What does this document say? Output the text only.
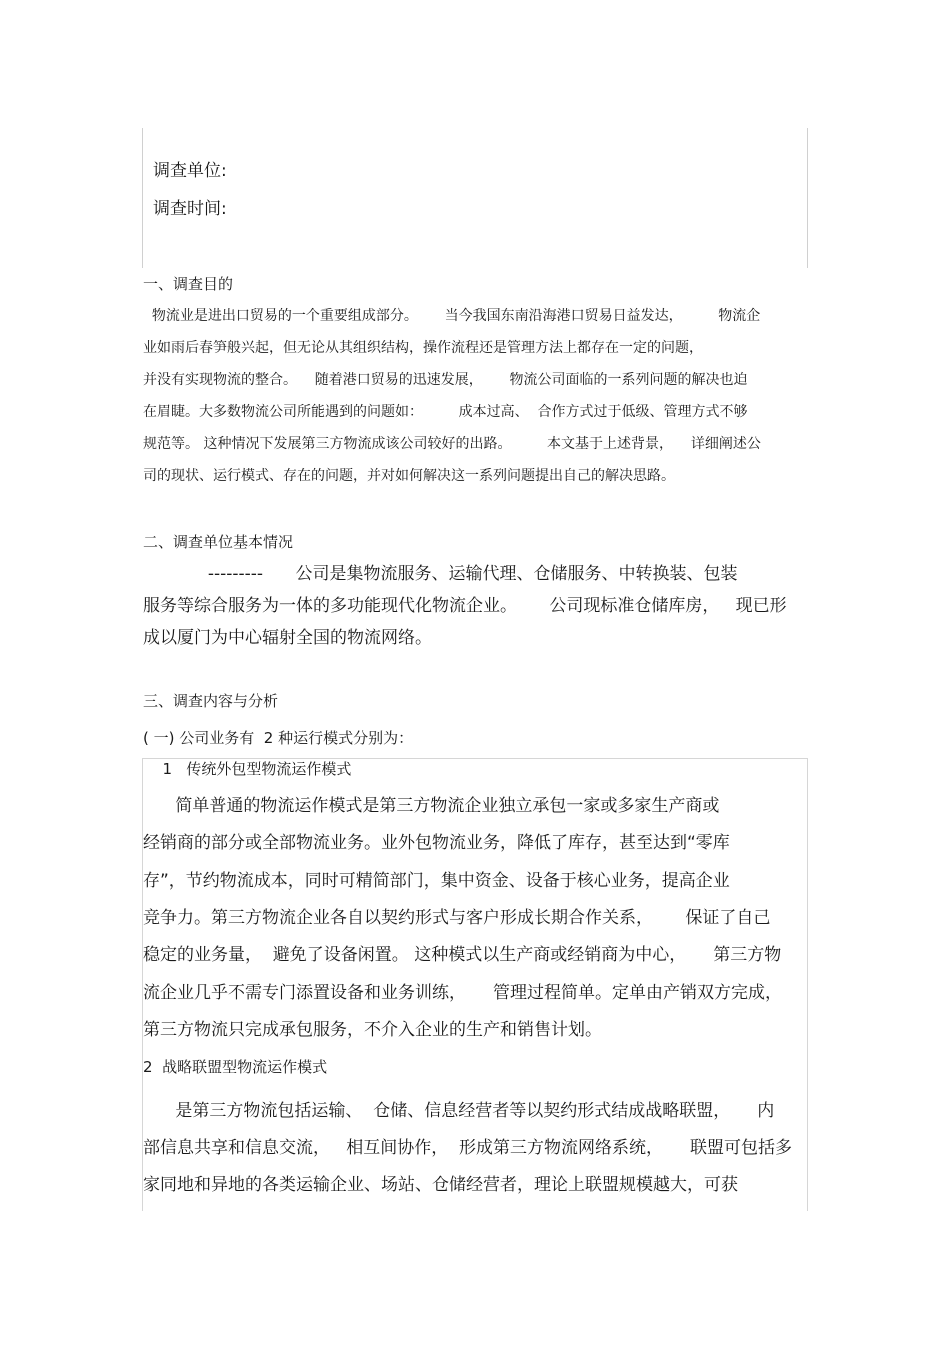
调查单位:
调查时间:
一、调查目的
物流业是进出口贸易的一个重要组成部分。      当今我国东南沿海港口贸易日益发达，        物流企
业如雨后春笋般兴起，但无论从其组织结构，操作流程还是管理方法上都存在一定的问题，
并没有实现物流的整合。    随着港口贸易的迅速发展，      物流公司面临的一系列问题的解决也迫
在眉睫。大多数物流公司所能遇到的问题如：        成本过高、  合作方式过于低级、管理方式不够
规范等。 这种情况下发展第三方物流成该公司较好的出路。        本文基于上述背景，    详细阐述公
司的现状、运行模式、存在的问题，并对如何解决这一系列问题提出自己的解决思路。
二、调查单位基本情况
---------      公司是集物流服务、运输代理、仓储服务、中转换装、包装
服务等综合服务为一体的多功能现代化物流企业。      公司现标准仓储库房，   现已形
成以厦门为中心辐射全国的物流网络。
三、调查内容与分析
( 一) 公司业务有  2 种运行模式分别为：
1   传统外包型物流运作模式
简单普通的物流运作模式是第三方物流企业独立承包一家或多家生产商或
经销商的部分或全部物流业务。业外包物流业务，降低了库存，甚至达到“零库
存”，节约物流成本，同时可精简部门，集中资金、设备于核心业务，提高企业
竞争力。第三方物流企业各自以契约形式与客户形成长期合作关系，      保证了自己
稳定的业务量，  避免了设备闲置。 这种模式以生产商或经销商为中心，     第三方物
流企业几乎不需专门添置设备和业务训练，     管理过程简单。定单由产销双方完成，
第三方物流只完成承包服务，不介入企业的生产和销售计划。
2  战略联盟型物流运作模式
是第三方物流包括运输、  仓储、信息经营者等以契约形式结成战略联盟，     内
部信息共享和信息交流，   相互间协作，  形成第三方物流网络系统，     联盟可包括多
家同地和异地的各类运输企业、场站、仓储经营者，理论上联盟规模越大，可获
